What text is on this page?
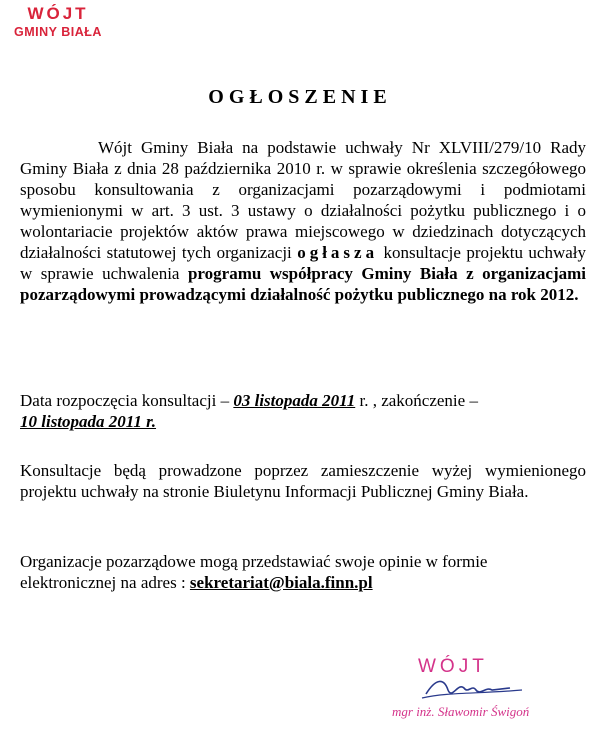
WÓJT
GMINY BIAŁA
OGŁOSZENIE
Wójt Gminy Biała na podstawie uchwały Nr XLVIII/279/10 Rady Gminy Biała z dnia 28 października 2010 r. w sprawie określenia szczegółowego sposobu konsultowania z organizacjami pozarządowymi i podmiotami wymienionymi w art. 3 ust. 3 ustawy o działalności pożytku publicznego i o wolontariacie projektów aktów prawa miejscowego w dziedzinach dotyczących działalności statutowej tych organizacji ogłasza konsultacje projektu uchwały w sprawie uchwalenia programu współpracy Gminy Biała z organizacjami pozarządowymi prowadzącymi działalność pożytku publicznego na rok 2012.
Data rozpoczęcia konsultacji – 03 listopada 2011 r. , zakończenie –
10 listopada 2011 r.
Konsultacje będą prowadzone poprzez zamieszczenie wyżej wymienionego projektu uchwały na stronie Biuletynu Informacji Publicznej Gminy Biała.
Organizacje pozarządowe mogą przedstawiać swoje opinie w formie elektronicznej na adres : sekretariat@biala.finn.pl
WÓJT
mgr inż. Sławomir Świgoń
